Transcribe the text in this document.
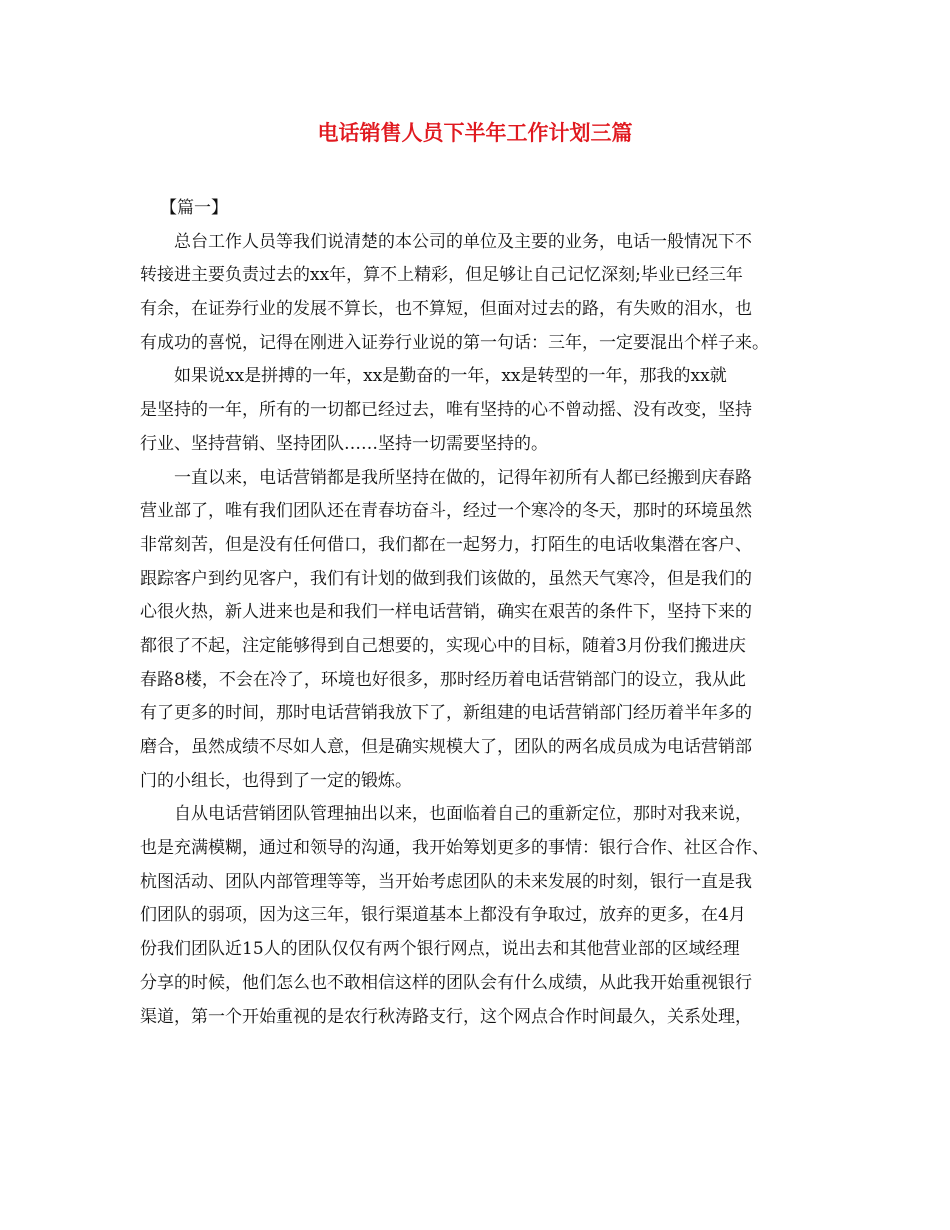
电话销售人员下半年工作计划三篇
【篇一】
总台工作人员等我们说清楚的本公司的单位及主要的业务，电话一般情况下不
转接进主要负责过去的xx年，算不上精彩，但足够让自己记忆深刻;毕业已经三年
有余，在证券行业的发展不算长，也不算短，但面对过去的路，有失败的泪水，也
有成功的喜悦，记得在刚进入证券行业说的第一句话：三年，一定要混出个样子来。
如果说xx是拼搏的一年，xx是勤奋的一年，xx是转型的一年，那我的xx就
是坚持的一年，所有的一切都已经过去，唯有坚持的心不曾动摇、没有改变，坚持
行业、坚持营销、坚持团队……坚持一切需要坚持的。
一直以来，电话营销都是我所坚持在做的，记得年初所有人都已经搬到庆春路
营业部了，唯有我们团队还在青春坊奋斗，经过一个寒冷的冬天，那时的环境虽然
非常刻苦，但是没有任何借口，我们都在一起努力，打陌生的电话收集潜在客户、
跟踪客户到约见客户，我们有计划的做到我们该做的，虽然天气寒冷，但是我们的
心很火热，新人进来也是和我们一样电话营销，确实在艰苦的条件下，坚持下来的
都很了不起，注定能够得到自己想要的，实现心中的目标，随着3月份我们搬进庆
春路8楼，不会在冷了，环境也好很多，那时经历着电话营销部门的设立，我从此
有了更多的时间，那时电话营销我放下了，新组建的电话营销部门经历着半年多的
磨合，虽然成绩不尽如人意，但是确实规模大了，团队的两名成员成为电话营销部
门的小组长，也得到了一定的锻炼。
自从电话营销团队管理抽出以来，也面临着自己的重新定位，那时对我来说，
也是充满模糊，通过和领导的沟通，我开始筹划更多的事情：银行合作、社区合作、
杭图活动、团队内部管理等等，当开始考虑团队的未来发展的时刻，银行一直是我
们团队的弱项，因为这三年，银行渠道基本上都没有争取过，放弃的更多，在4月
份我们团队近15人的团队仅仅有两个银行网点，说出去和其他营业部的区域经理
分享的时候，他们怎么也不敢相信这样的团队会有什么成绩，从此我开始重视银行
渠道，第一个开始重视的是农行秋涛路支行，这个网点合作时间最久，关系处理，
